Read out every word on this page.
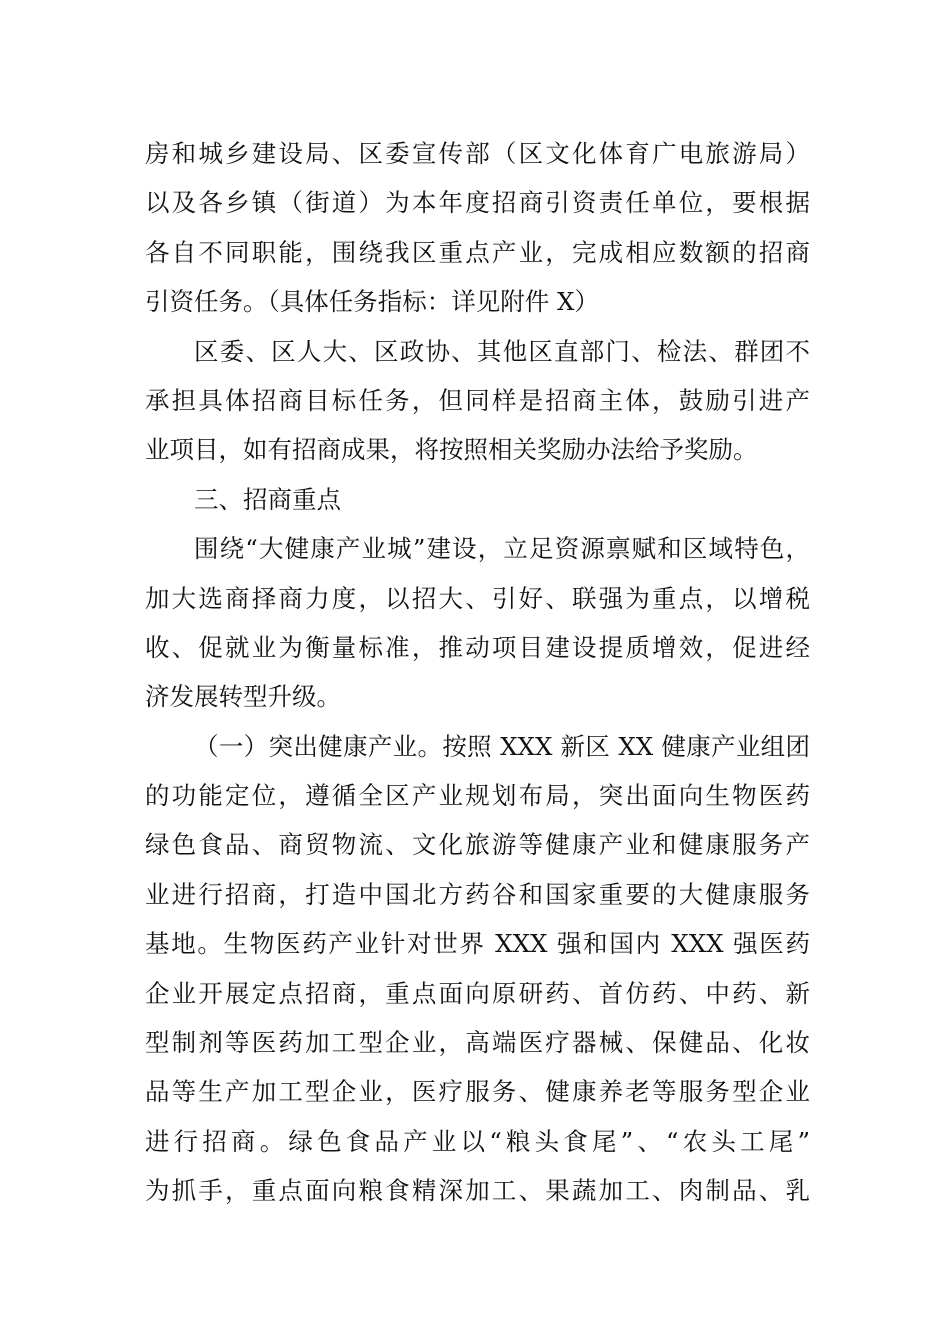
房和城乡建设局、区委宣传部（区文化体育广电旅游局）
以及各乡镇（街道）为本年度招商引资责任单位，要根据
各自不同职能，围绕我区重点产业，完成相应数额的招商
引资任务。（具体任务指标：详见附件 X）
区委、区人大、区政协、其他区直部门、检法、群团不
承担具体招商目标任务，但同样是招商主体，鼓励引进产
业项目，如有招商成果，将按照相关奖励办法给予奖励。
三、招商重点
围绕“大健康产业城”建设，立足资源禀赋和区域特色，
加大选商择商力度，以招大、引好、联强为重点，以增税
收、促就业为衡量标准，推动项目建设提质增效，促进经
济发展转型升级。
（一）突出健康产业。按照 XXX 新区 XX 健康产业组团
的功能定位，遵循全区产业规划布局，突出面向生物医药
绿色食品、商贸物流、文化旅游等健康产业和健康服务产
业进行招商，打造中国北方药谷和国家重要的大健康服务
基地。生物医药产业针对世界 XXX 强和国内 XXX 强医药
企业开展定点招商，重点面向原研药、首仿药、中药、新
型制剂等医药加工型企业，高端医疗器械、保健品、化妆
品等生产加工型企业，医疗服务、健康养老等服务型企业
进行招商。绿色食品产业以“粮头食尾”、“农头工尾”
为抓手，重点面向粮食精深加工、果蔬加工、肉制品、乳
